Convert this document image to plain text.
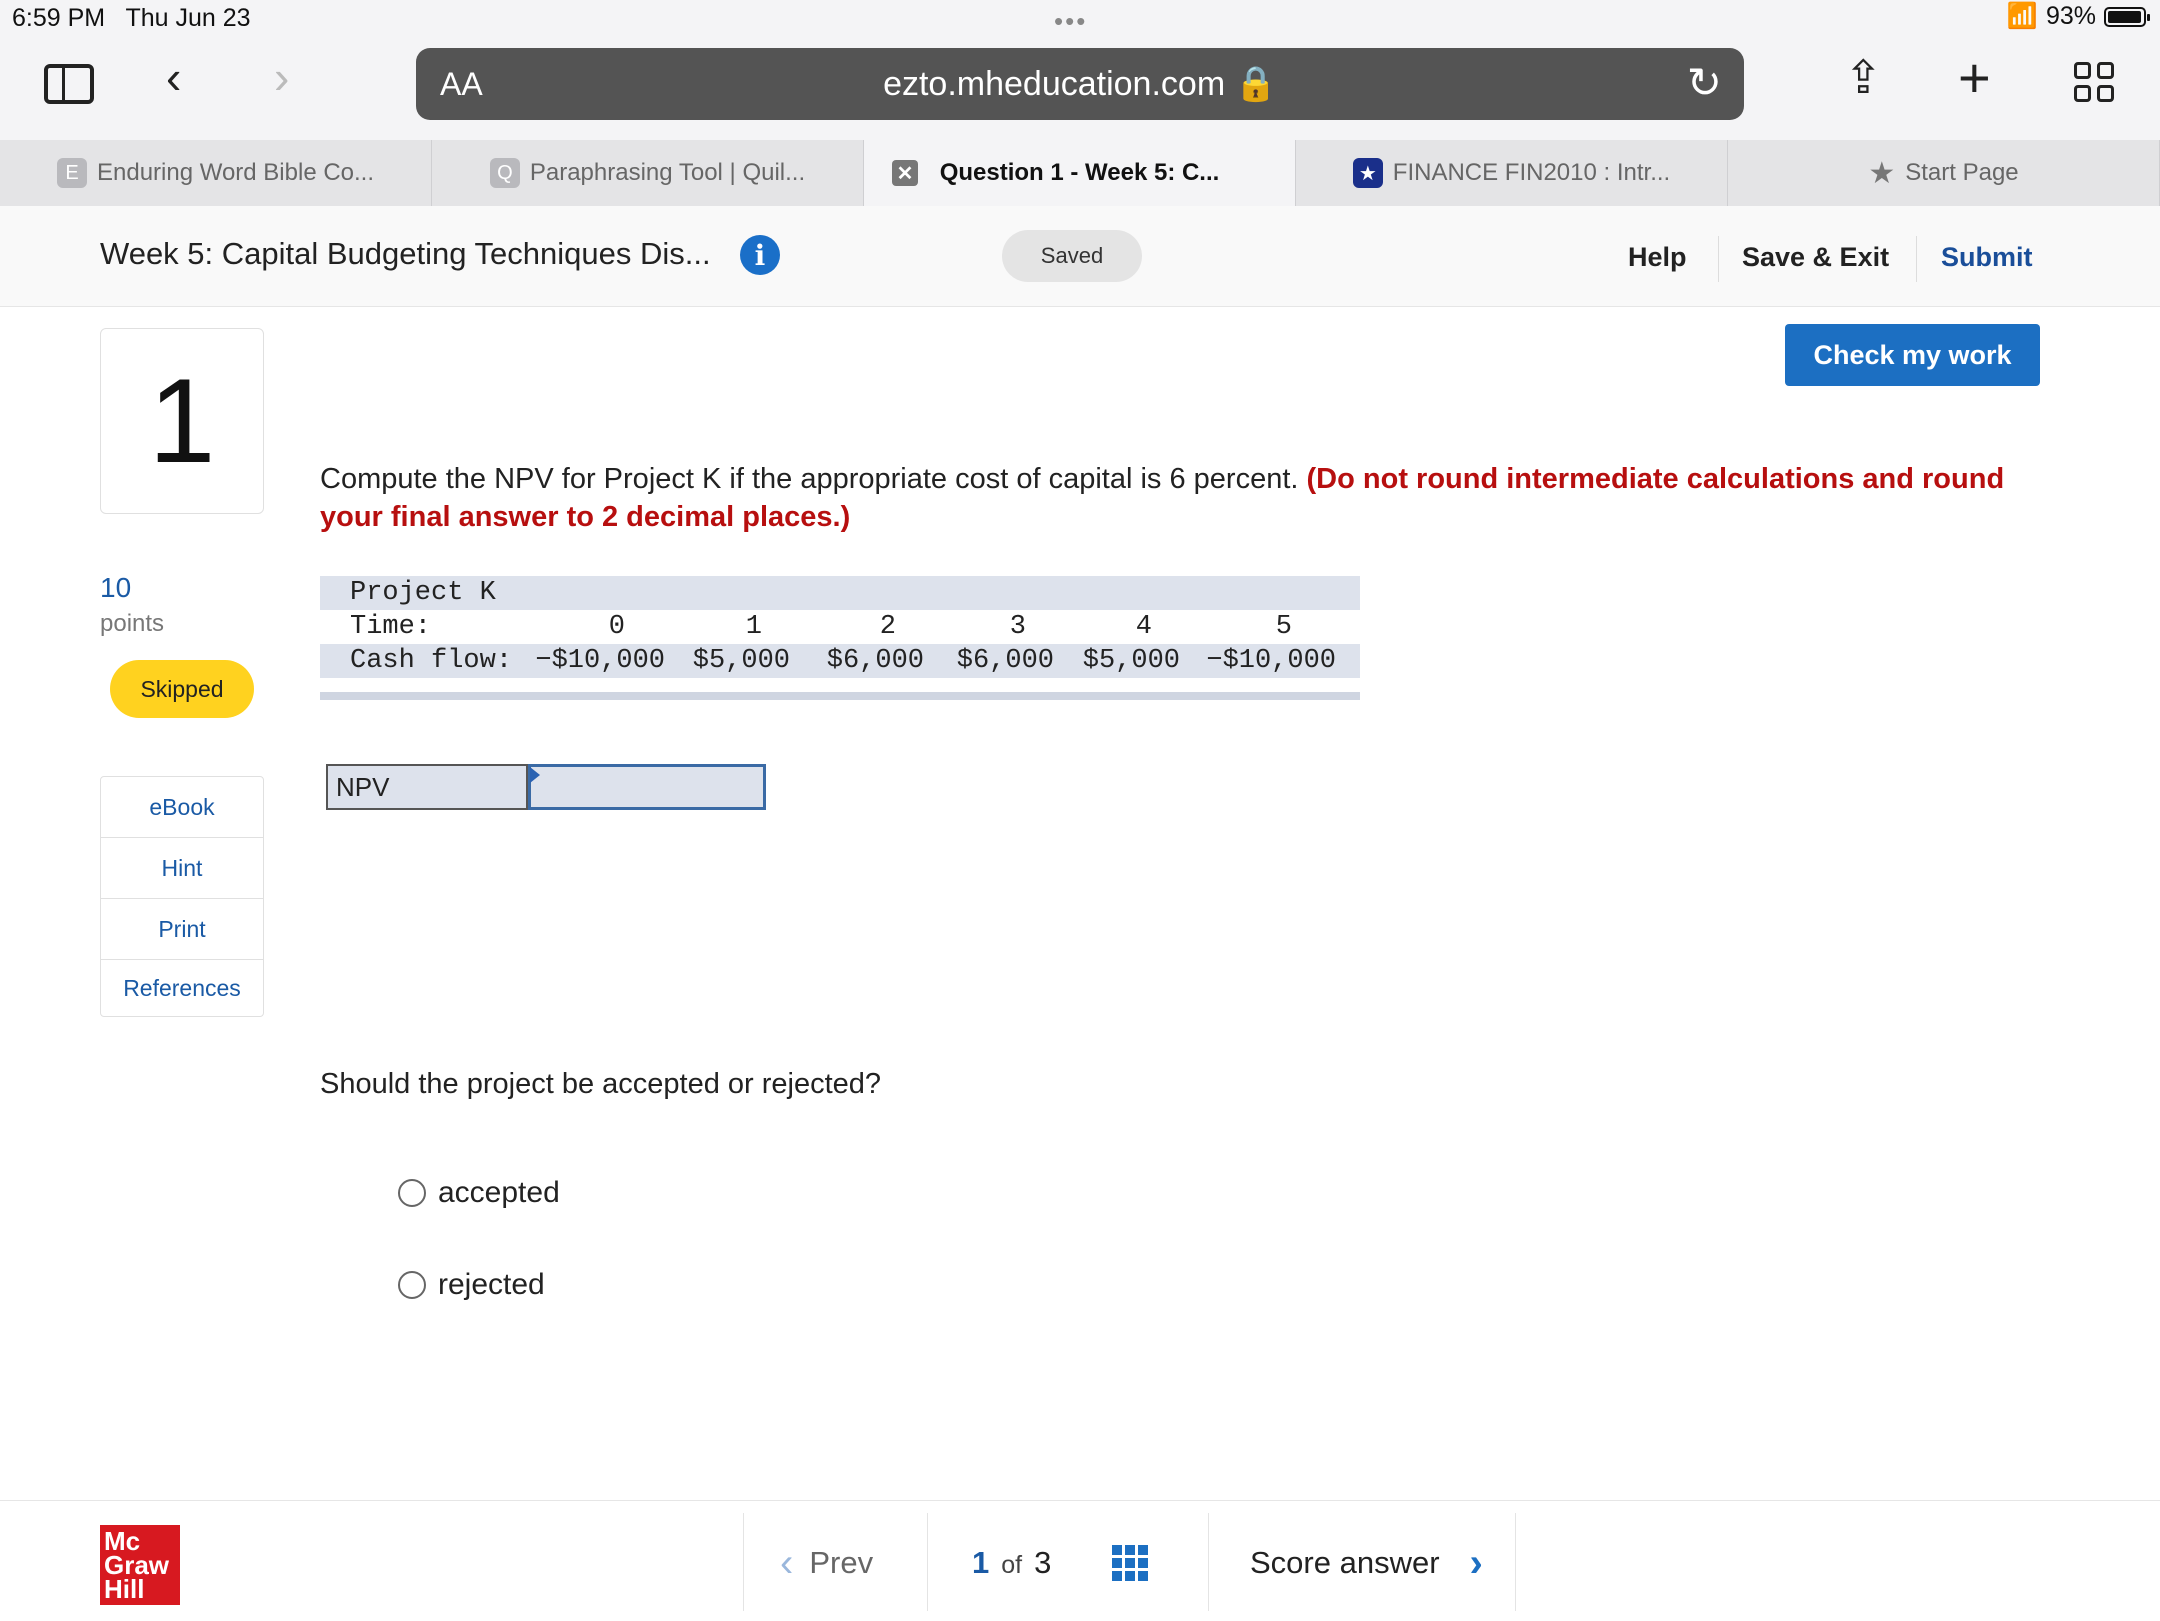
6:59 PM Thu Jun 23	•••	📶 93%
‹ ›	⇪ +
AA	ezto.mheducation.com 🔒	↻
E Enduring Word Bible Co...	Q Paraphrasing Tool | Quil...	✕ Question 1 - Week 5: C...	★ FINANCE FIN2010 : Intr...	★ Start Page
Week 5: Capital Budgeting Techniques Dis...	i	Saved	Help Save & Exit Submit
1
10
points
Skipped
eBook
Hint
Print
References
Check my work
Compute the NPV for Project K if the appropriate cost of capital is 6 percent. (Do not round intermediate calculations and round your final answer to 2 decimal places.)
Project K
Time:	0	1	2	3	4	5
Cash flow: −$10,000	$5,000	$6,000	$6,000	$5,000 −$10,000
NPV
Should the project be accepted or rejected?
accepted
rejected
Mc
Graw
Hill
‹ Prev	1 of 3	Score answer ›
